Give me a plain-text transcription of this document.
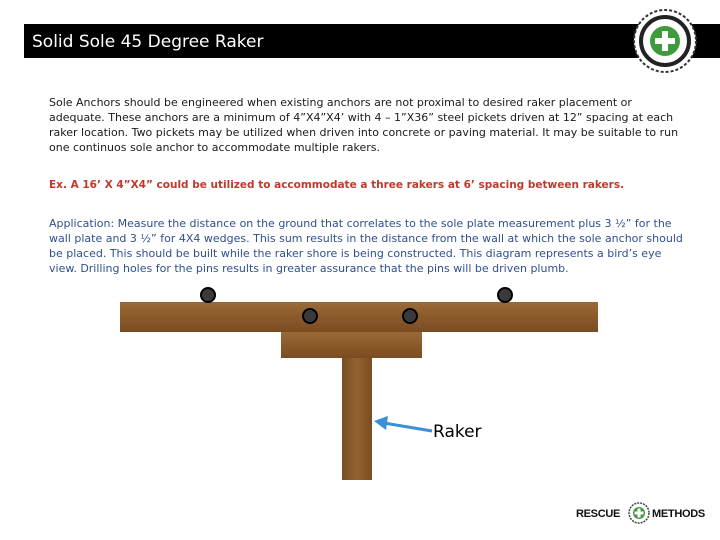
Solid Sole 45 Degree Raker
Sole Anchors should be engineered when existing anchors are not proximal to desired raker placement or adequate. These anchors are a minimum of 4”X4”X4’ with 4 – 1”X36” steel pickets driven at 12” spacing at each raker location. Two pickets may be utilized when driven into concrete or paving material. It may be suitable to run one continuos sole anchor to accommodate multiple rakers.
Ex. A 16’ X 4”X4” could be utilized to accommodate a three rakers at 6’ spacing between rakers.
Application: Measure the distance on the ground that correlates to the sole plate measurement plus 3 ½” for the wall plate and 3 ½” for 4X4 wedges. This sum results in the distance from the wall at which the sole anchor should be placed. This should be built while the raker shore is being constructed. This diagram represents a bird’s eye view. Drilling holes for the pins results in greater assurance that the pins will be driven plumb.
Raker
RESCUE	METHODS
